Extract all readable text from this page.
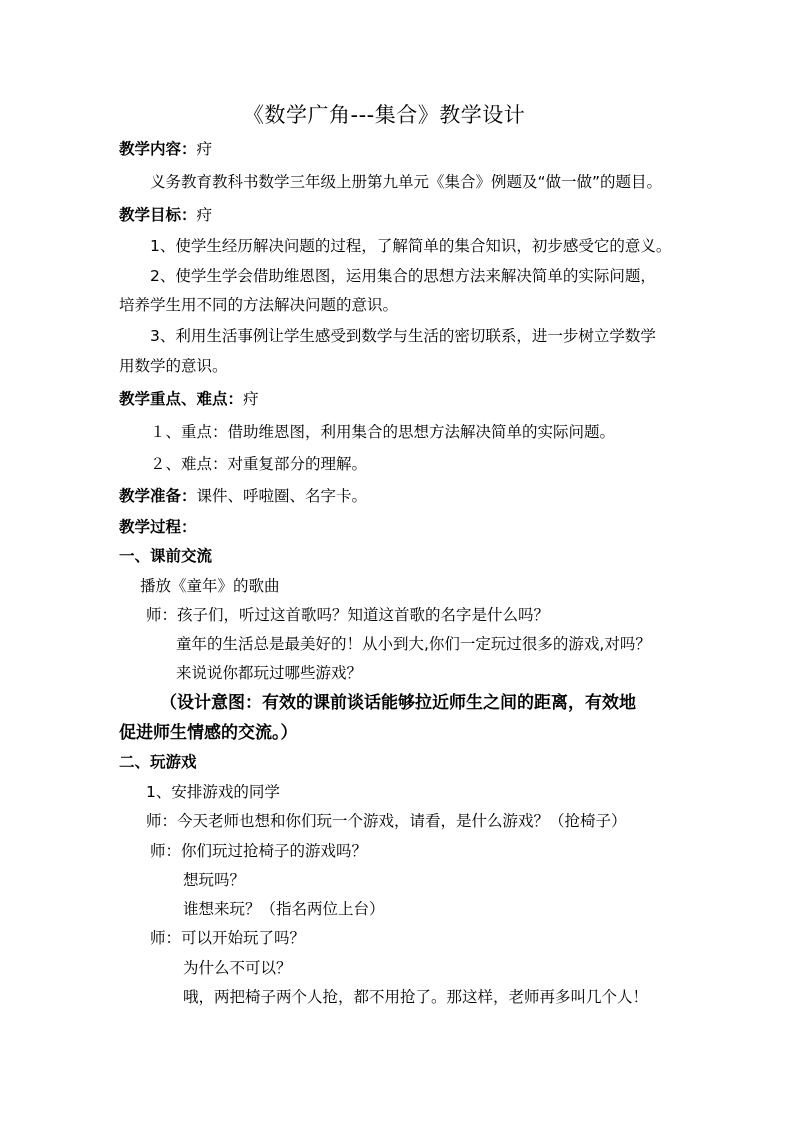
《数学广角---集合》教学设计
教学内容：疛
义务教育教科书数学三年级上册第九单元《集合》例题及“做一做”的题目。
教学目标：疛
1、使学生经历解决问题的过程，了解简单的集合知识，初步感受它的意义。
2、使学生学会借助维恩图，运用集合的思想方法来解决简单的实际问题，
培养学生用不同的方法解决问题的意识。
3、利用生活事例让学生感受到数学与生活的密切联系，进一步树立学数学
用数学的意识。
教学重点、难点：疛
１、重点：借助维恩图，利用集合的思想方法解决简单的实际问题。
２、难点：对重复部分的理解。
教学准备：课件、呼啦圈、名字卡。
教学过程：
一、课前交流
播放《童年》的歌曲
师：孩子们，听过这首歌吗？知道这首歌的名字是什么吗？
童年的生活总是最美好的！从小到大,你们一定玩过很多的游戏,对吗？
来说说你都玩过哪些游戏？
（设计意图：有效的课前谈话能够拉近师生之间的距离，有效地
促进师生情感的交流。）
二、玩游戏
1、安排游戏的同学
师：今天老师也想和你们玩一个游戏，请看，是什么游戏？（抢椅子）
师：你们玩过抢椅子的游戏吗？
想玩吗？
谁想来玩？（指名两位上台）
师：可以开始玩了吗？
为什么不可以？
哦，两把椅子两个人抢，都不用抢了。那这样，老师再多叫几个人！
